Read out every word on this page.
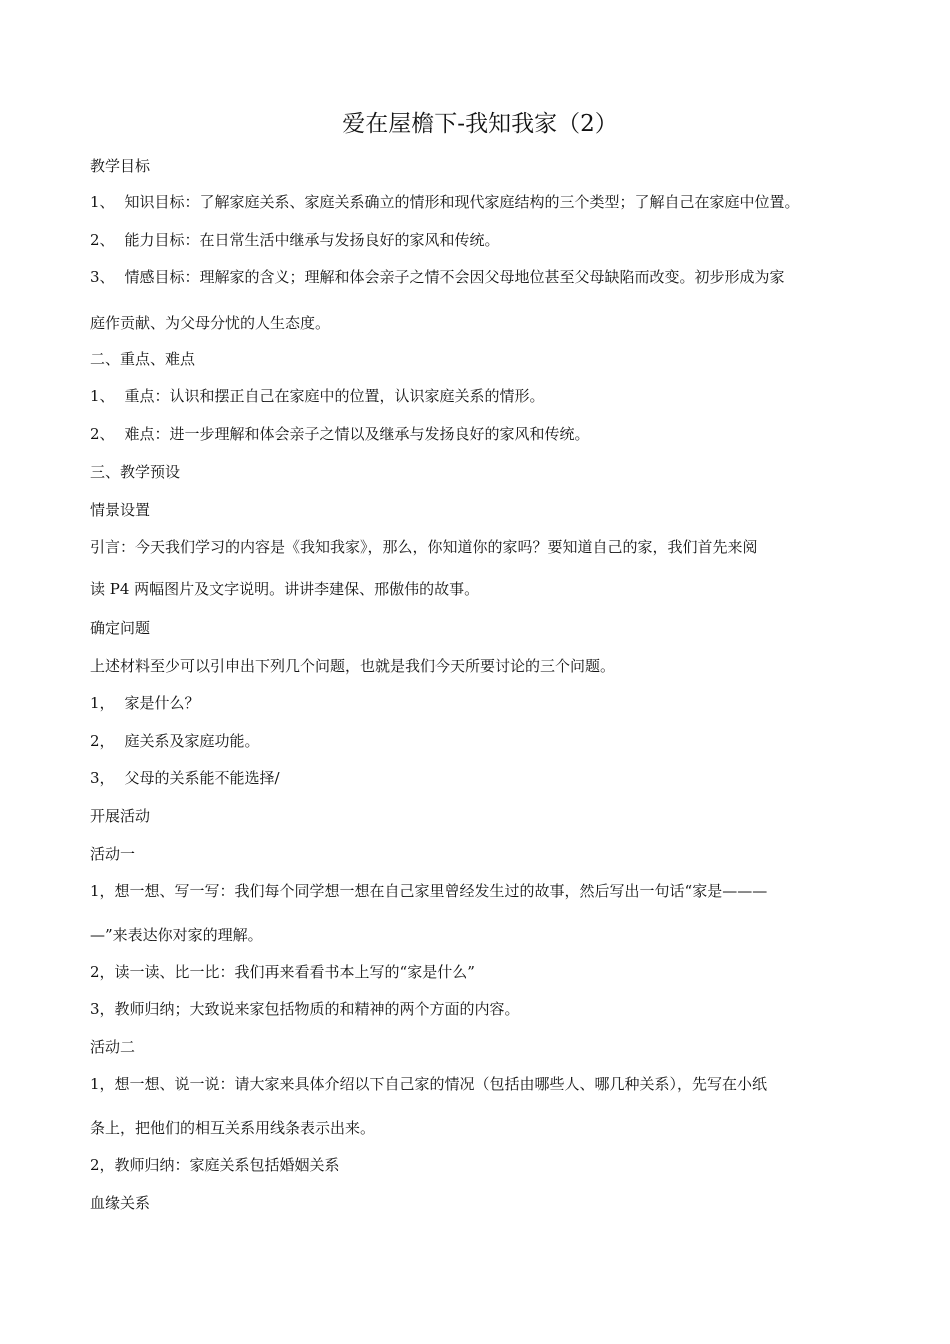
爱在屋檐下-我知我家（2）
教学目标
1、 知识目标：了解家庭关系、家庭关系确立的情形和现代家庭结构的三个类型；了解自己在家庭中位置。
2、 能力目标：在日常生活中继承与发扬良好的家风和传统。
3、 情感目标：理解家的含义；理解和体会亲子之情不会因父母地位甚至父母缺陷而改变。初步形成为家
庭作贡献、为父母分忧的人生态度。
二、重点、难点
1、 重点：认识和摆正自己在家庭中的位置，认识家庭关系的情形。
2、 难点：进一步理解和体会亲子之情以及继承与发扬良好的家风和传统。
三、教学预设
情景设置
引言：今天我们学习的内容是《我知我家》，那么，你知道你的家吗？要知道自己的家，我们首先来阅
读 P4 两幅图片及文字说明。讲讲李建保、邢傲伟的故事。
确定问题
上述材料至少可以引申出下列几个问题，也就是我们今天所要讨论的三个问题。
1， 家是什么？
2， 庭关系及家庭功能。
3， 父母的关系能不能选择/
开展活动
活动一
1，想一想、写一写：我们每个同学想一想在自己家里曾经发生过的故事，然后写出一句话“家是———
—”来表达你对家的理解。
2，读一读、比一比：我们再来看看书本上写的“家是什么”
3，教师归纳；大致说来家包括物质的和精神的两个方面的内容。
活动二
1，想一想、说一说：请大家来具体介绍以下自己家的情况（包括由哪些人、哪几种关系），先写在小纸
条上，把他们的相互关系用线条表示出来。
2，教师归纳：家庭关系包括婚姻关系
血缘关系
